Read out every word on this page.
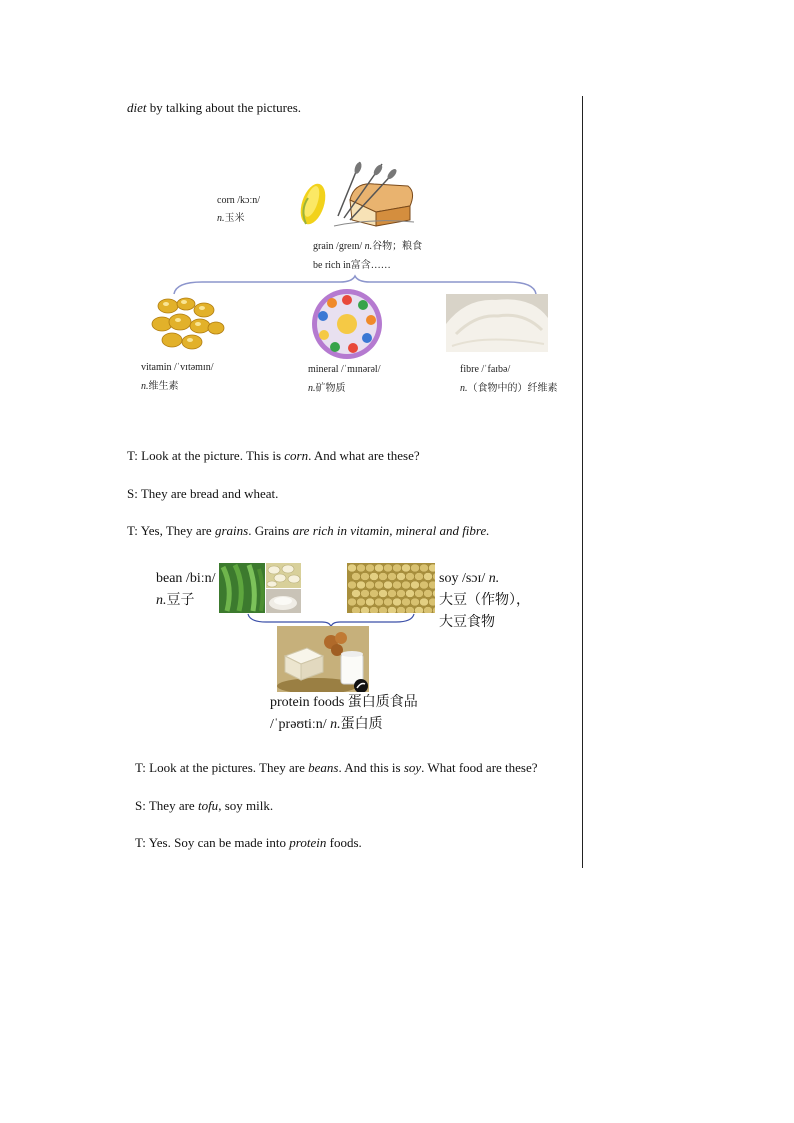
diet by talking about the pictures.
corn /kɔːn/
n.玉米
grain /greɪn/ n.谷物；粮食
be rich in富含……
vitamin /ˈvɪtəmɪn/
n.维生素
mineral /ˈmɪnərəl/
n.矿物质
fibre /ˈfaɪbə/
n.（食物中的）纤维素
T: Look at the picture. This is corn. And what are these?
S: They are bread and wheat.
T: Yes, They are grains. Grains are rich in vitamin, mineral and fibre.
bean /biːn/
n.豆子
soy /sɔɪ/ n.
大豆（作物），
大豆食物
protein foods 蛋白质食品
/ˈprəʊtiːn/ n.蛋白质
T: Look at the pictures. They are beans. And this is soy. What food are these?
S: They are tofu, soy milk.
T: Yes. Soy can be made into protein foods.
